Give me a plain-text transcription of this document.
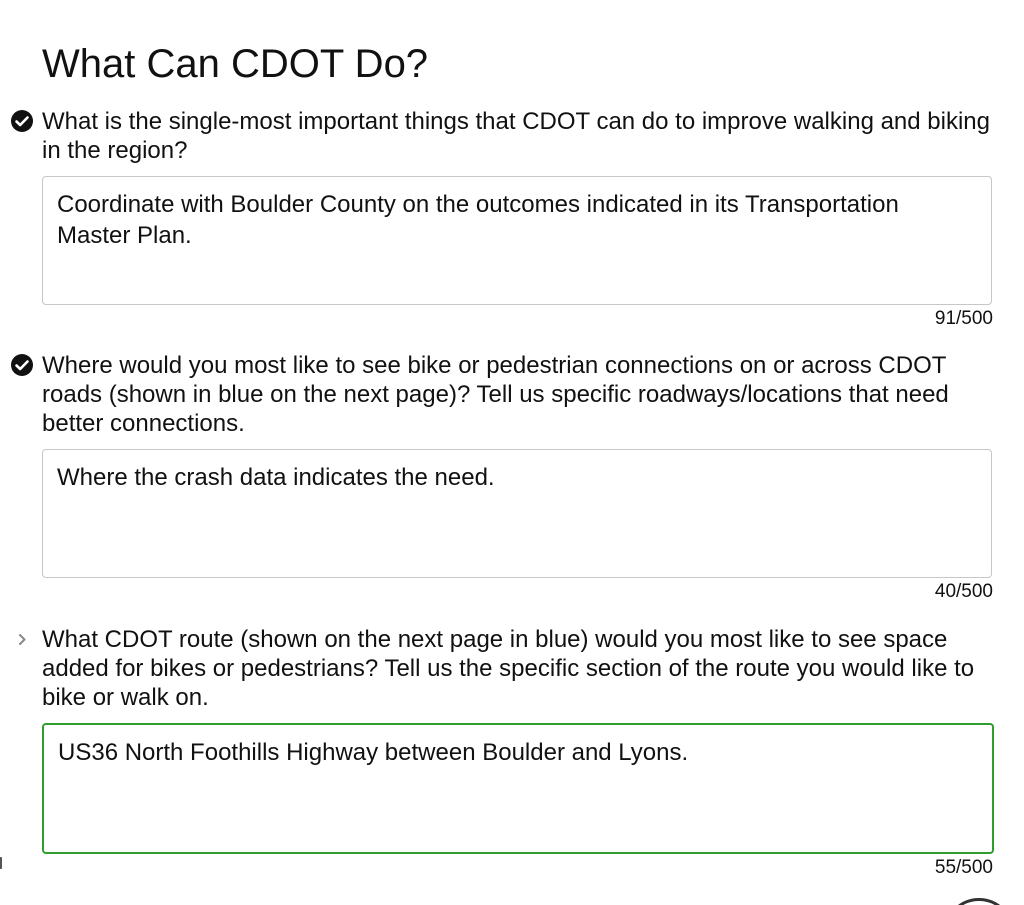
What Can CDOT Do?
What is the single-most important things that CDOT can do to improve walking and biking in the region?
Coordinate with Boulder County on the outcomes indicated in its Transportation Master Plan.
91/500
Where would you most like to see bike or pedestrian connections on or across CDOT roads (shown in blue on the next page)? Tell us specific roadways/locations that need better connections.
Where the crash data indicates the need.
40/500
What CDOT route (shown on the next page in blue) would you most like to see space added for bikes or pedestrians? Tell us the specific section of the route you would like to bike or walk on.
US36 North Foothills Highway between Boulder and Lyons.
55/500
